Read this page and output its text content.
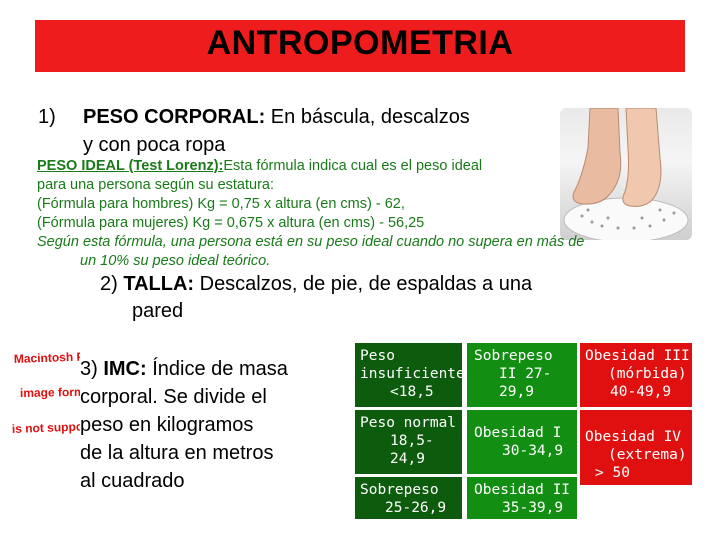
ANTROPOMETRIA
1)	PESO CORPORAL: En báscula, descalzos
y con poca ropa
PESO IDEAL (Test Lorenz):Esta fórmula indica cual es el peso ideal
para una persona según su estatura:
(Fórmula para hombres) Kg = 0,75 x altura (en cms) - 62,
(Fórmula para mujeres) Kg = 0,675 x altura (en cms) - 56,25
Según esta fórmula, una persona está en su peso ideal cuando no supera en más de
un 10% su peso ideal teórico.
2) TALLA: Descalzos, de pie, de espaldas a una
pared
Macintosh PICT
image format
is not supported
3) IMC: Índice de masa
corporal. Se divide el
peso en kilogramos
de la altura en metros
al cuadrado
Peso
insuficiente
<18,5
Peso normal
18,5-
24,9
Sobrepeso
25-26,9
Sobrepeso
II 27-
29,9
Obesidad I
30-34,9
Obesidad II
35-39,9
Obesidad III
(mórbida)
40-49,9
Obesidad IV
(extrema)
> 50
